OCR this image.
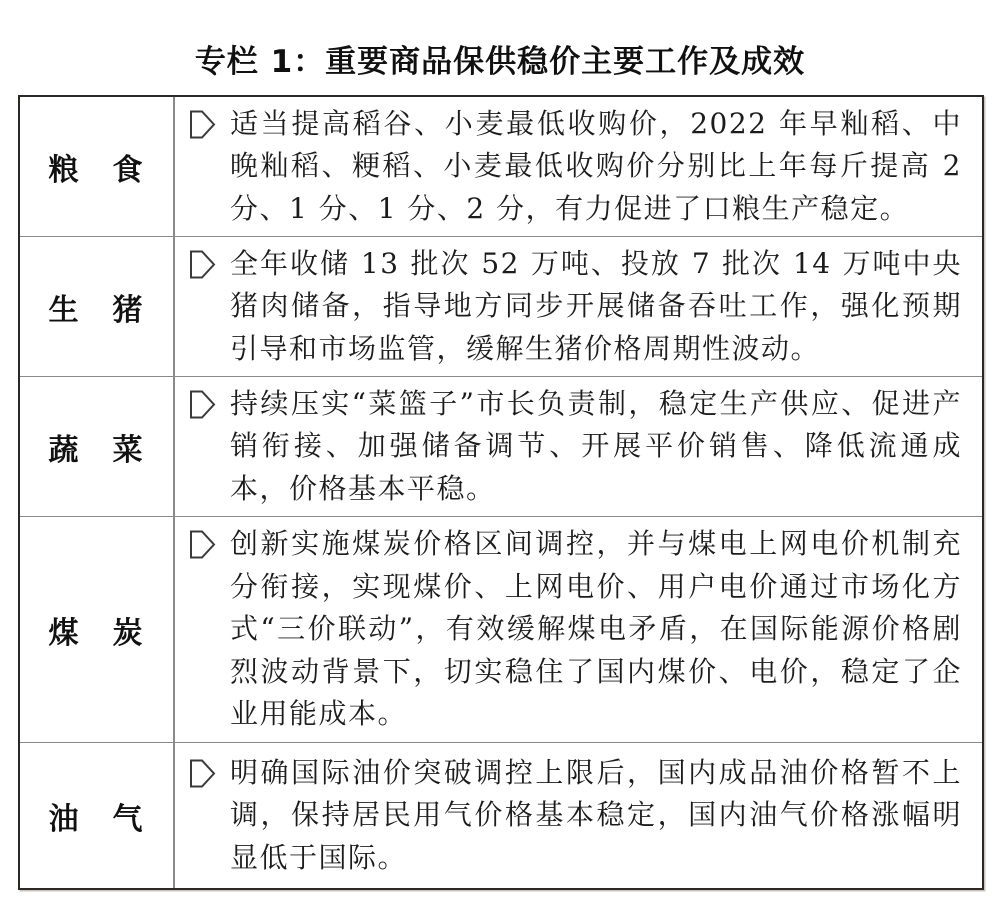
专栏 1：重要商品保供稳价主要工作及成效
粮　食

适当提高稻谷、小麦最低收购价，2022 年早籼稻、中晚籼稻、粳稻、小麦最低收购价分别比上年每斤提高 2 分、1 分、1 分、2 分，有力促进了口粮生产稳定。

生　猪

全年收储 13 批次 52 万吨、投放 7 批次 14 万吨中央猪肉储备，指导地方同步开展储备吞吐工作，强化预期引导和市场监管，缓解生猪价格周期性波动。

蔬　菜

持续压实“菜篮子”市长负责制，稳定生产供应、促进产销衔接、加强储备调节、开展平价销售、降低流通成本，价格基本平稳。

煤　炭

创新实施煤炭价格区间调控，并与煤电上网电价机制充分衔接，实现煤价、上网电价、用户电价通过市场化方式“三价联动”，有效缓解煤电矛盾，在国际能源价格剧烈波动背景下，切实稳住了国内煤价、电价，稳定了企业用能成本。

油　气

明确国际油价突破调控上限后，国内成品油价格暂不上调，保持居民用气价格基本稳定，国内油气价格涨幅明显低于国际。
